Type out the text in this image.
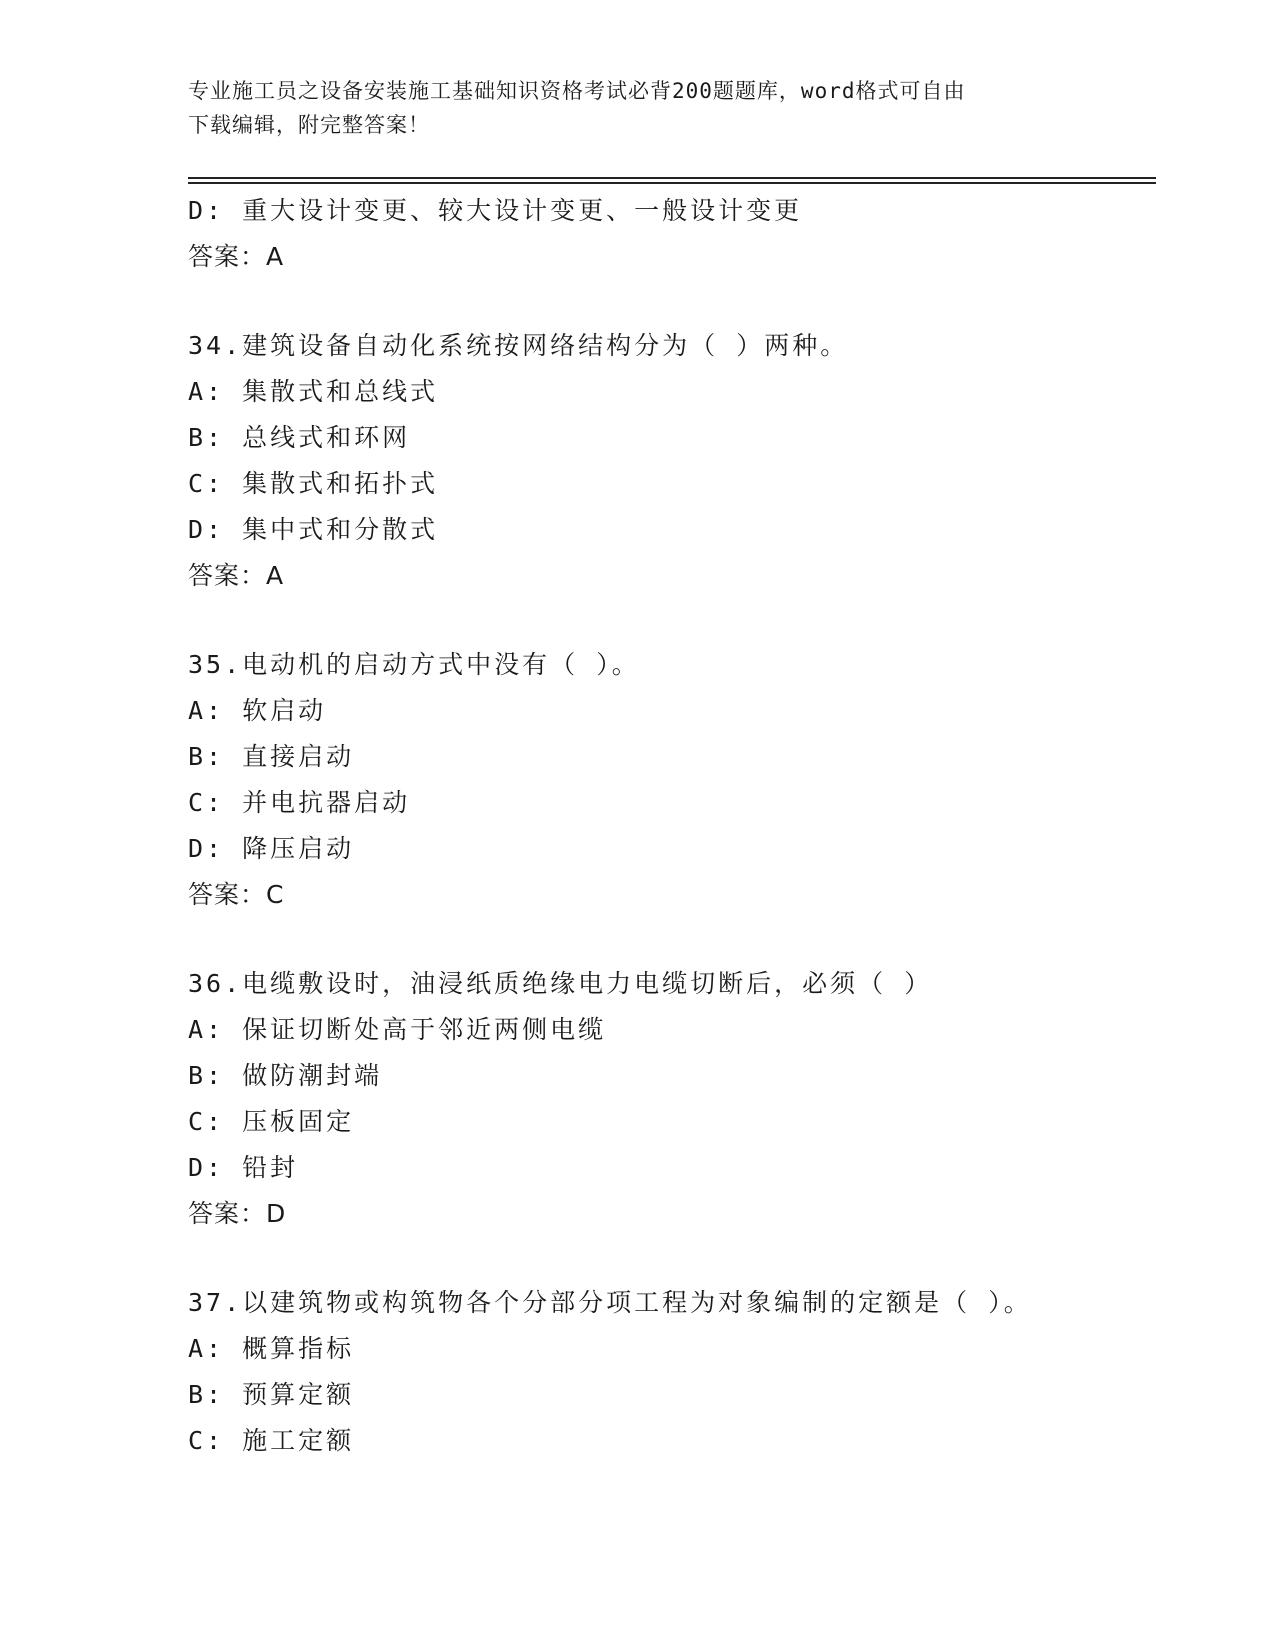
专业施工员之设备安装施工基础知识资格考试必背200题题库，word格式可自由
下载编辑，附完整答案！
D: 重大设计变更、较大设计变更、一般设计变更
答案：A
34.建筑设备自动化系统按网络结构分为（ ）两种。
A: 集散式和总线式
B: 总线式和环网
C: 集散式和拓扑式
D: 集中式和分散式
答案：A
35.电动机的启动方式中没有（ ）。
A: 软启动
B: 直接启动
C: 并电抗器启动
D: 降压启动
答案：C
36.电缆敷设时，油浸纸质绝缘电力电缆切断后，必须（ ）
A: 保证切断处高于邻近两侧电缆
B: 做防潮封端
C: 压板固定
D: 铅封
答案：D
37.以建筑物或构筑物各个分部分项工程为对象编制的定额是（ ）。
A: 概算指标
B: 预算定额
C: 施工定额
